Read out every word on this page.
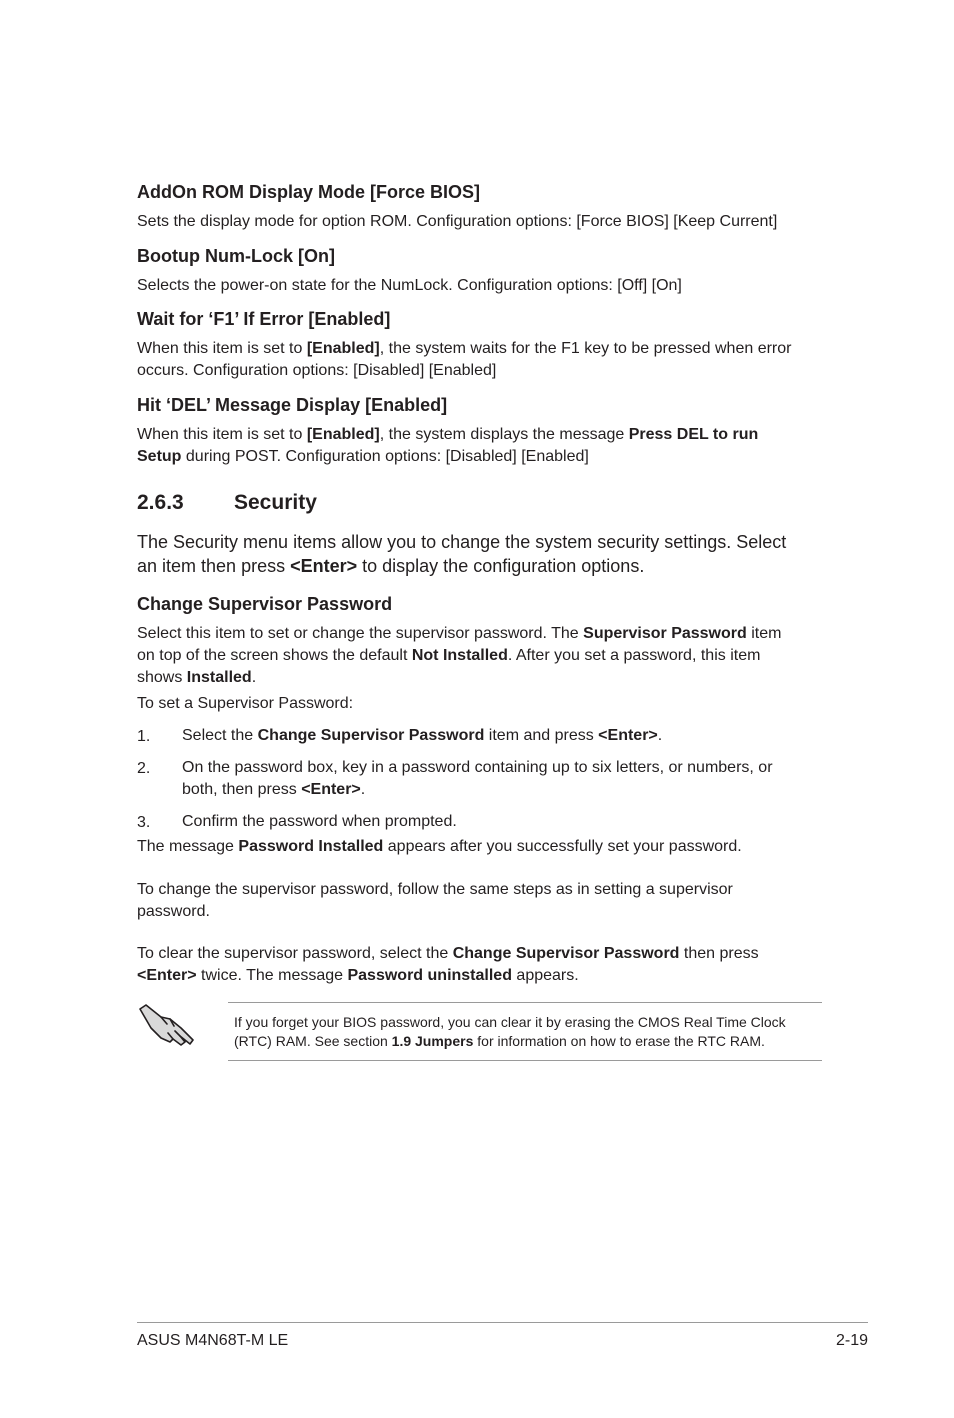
AddOn ROM Display Mode [Force BIOS]
Sets the display mode for option ROM. Configuration options: [Force BIOS] [Keep Current]
Bootup Num-Lock [On]
Selects the power-on state for the NumLock. Configuration options: [Off] [On]
Wait for ‘F1’ If Error [Enabled]
When this item is set to [Enabled], the system waits for the F1 key to be pressed when error
occurs. Configuration options: [Disabled] [Enabled]
Hit ‘DEL’ Message Display [Enabled]
When this item is set to [Enabled], the system displays the message Press DEL to run
Setup during POST. Configuration options: [Disabled] [Enabled]
2.6.3 Security
The Security menu items allow you to change the system security settings. Select
an item then press <Enter> to display the configuration options.
Change Supervisor Password
Select this item to set or change the supervisor password. The Supervisor Password item
on top of the screen shows the default Not Installed. After you set a password, this item
shows Installed.
To set a Supervisor Password:
1. Select the Change Supervisor Password item and press <Enter>.
2. On the password box, key in a password containing up to six letters, or numbers, or
both, then press <Enter>.
3. Confirm the password when prompted.
The message Password Installed appears after you successfully set your password.
To change the supervisor password, follow the same steps as in setting a supervisor
password.
To clear the supervisor password, select the Change Supervisor Password then press
<Enter> twice. The message Password uninstalled appears.
If you forget your BIOS password, you can clear it by erasing the CMOS Real Time Clock
(RTC) RAM. See section 1.9 Jumpers for information on how to erase the RTC RAM.
ASUS M4N68T-M LE	2-19
